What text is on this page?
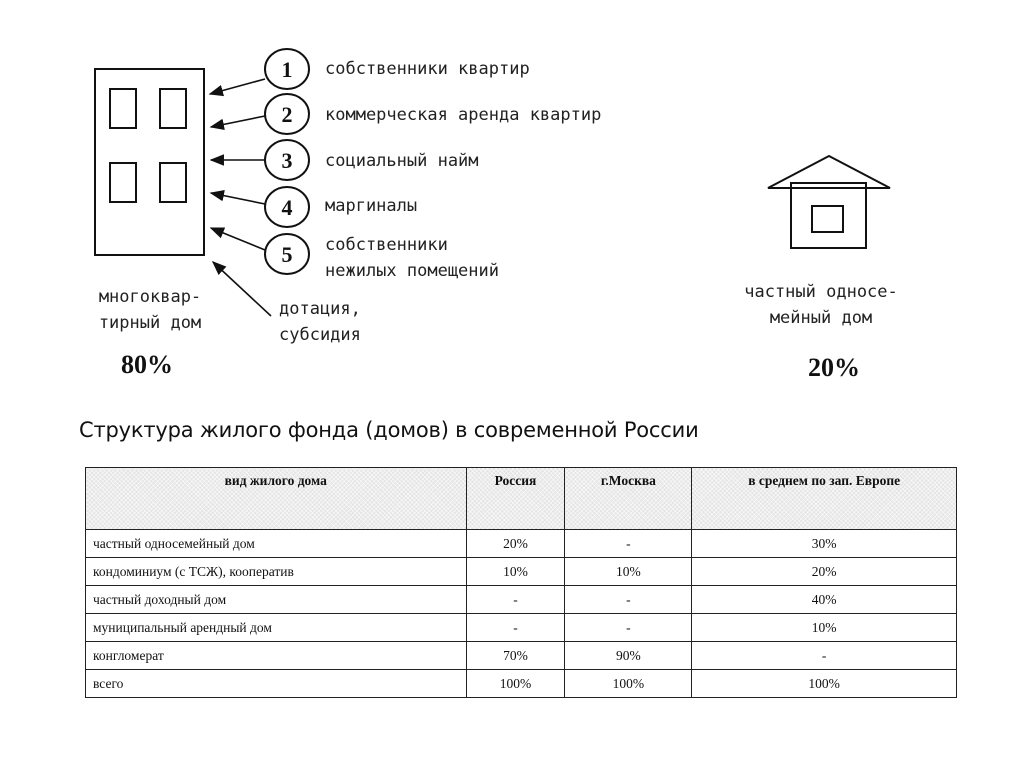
1
2
3
4
5
собственники квартир
коммерческая аренда квартир
социальный найм
маргиналы
собственники
нежилых помещений
дотация,
субсидия
многоквар-
тирный дом
80%
частный односе-
мейный дом
20%
Структура жилого фонда (домов) в современной России
вид жилого дома	Россия	г.Москва	в среднем по зап. Европе
частный односемейный дом	20%	-	30%
кондоминиум (с ТСЖ), кооператив	10%	10%	20%
частный доходный дом	-	-	40%
муниципальный арендный дом	-	-	10%
конгломерат	70%	90%	-
всего	100%	100%	100%
